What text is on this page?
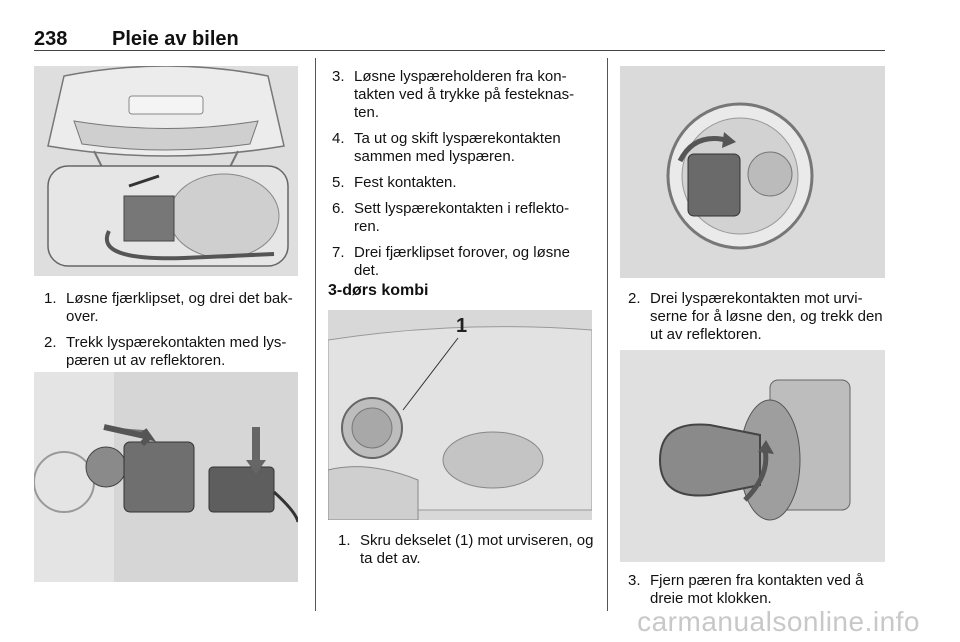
238 Pleie av bilen
1. Løsne fjærklipset, og drei det bak-over.
2. Trekk lyspærekontakten med lys-pæren ut av reflektoren.
3. Løsne lyspæreholderen fra kon-takten ved å trykke på festeknas-ten.
4. Ta ut og skift lyspærekontakten sammen med lyspæren.
5. Fest kontakten.
6. Sett lyspærekontakten i reflekto-ren.
7. Drei fjærklipset forover, og løsne det.
3-dørs kombi
1
1. Skru dekselet (1) mot urviseren, og ta det av.
2. Drei lyspærekontakten mot urvi-serne for å løsne den, og trekk den ut av reflektoren.
3. Fjern pæren fra kontakten ved å dreie mot klokken.
carmanualsonline.info
